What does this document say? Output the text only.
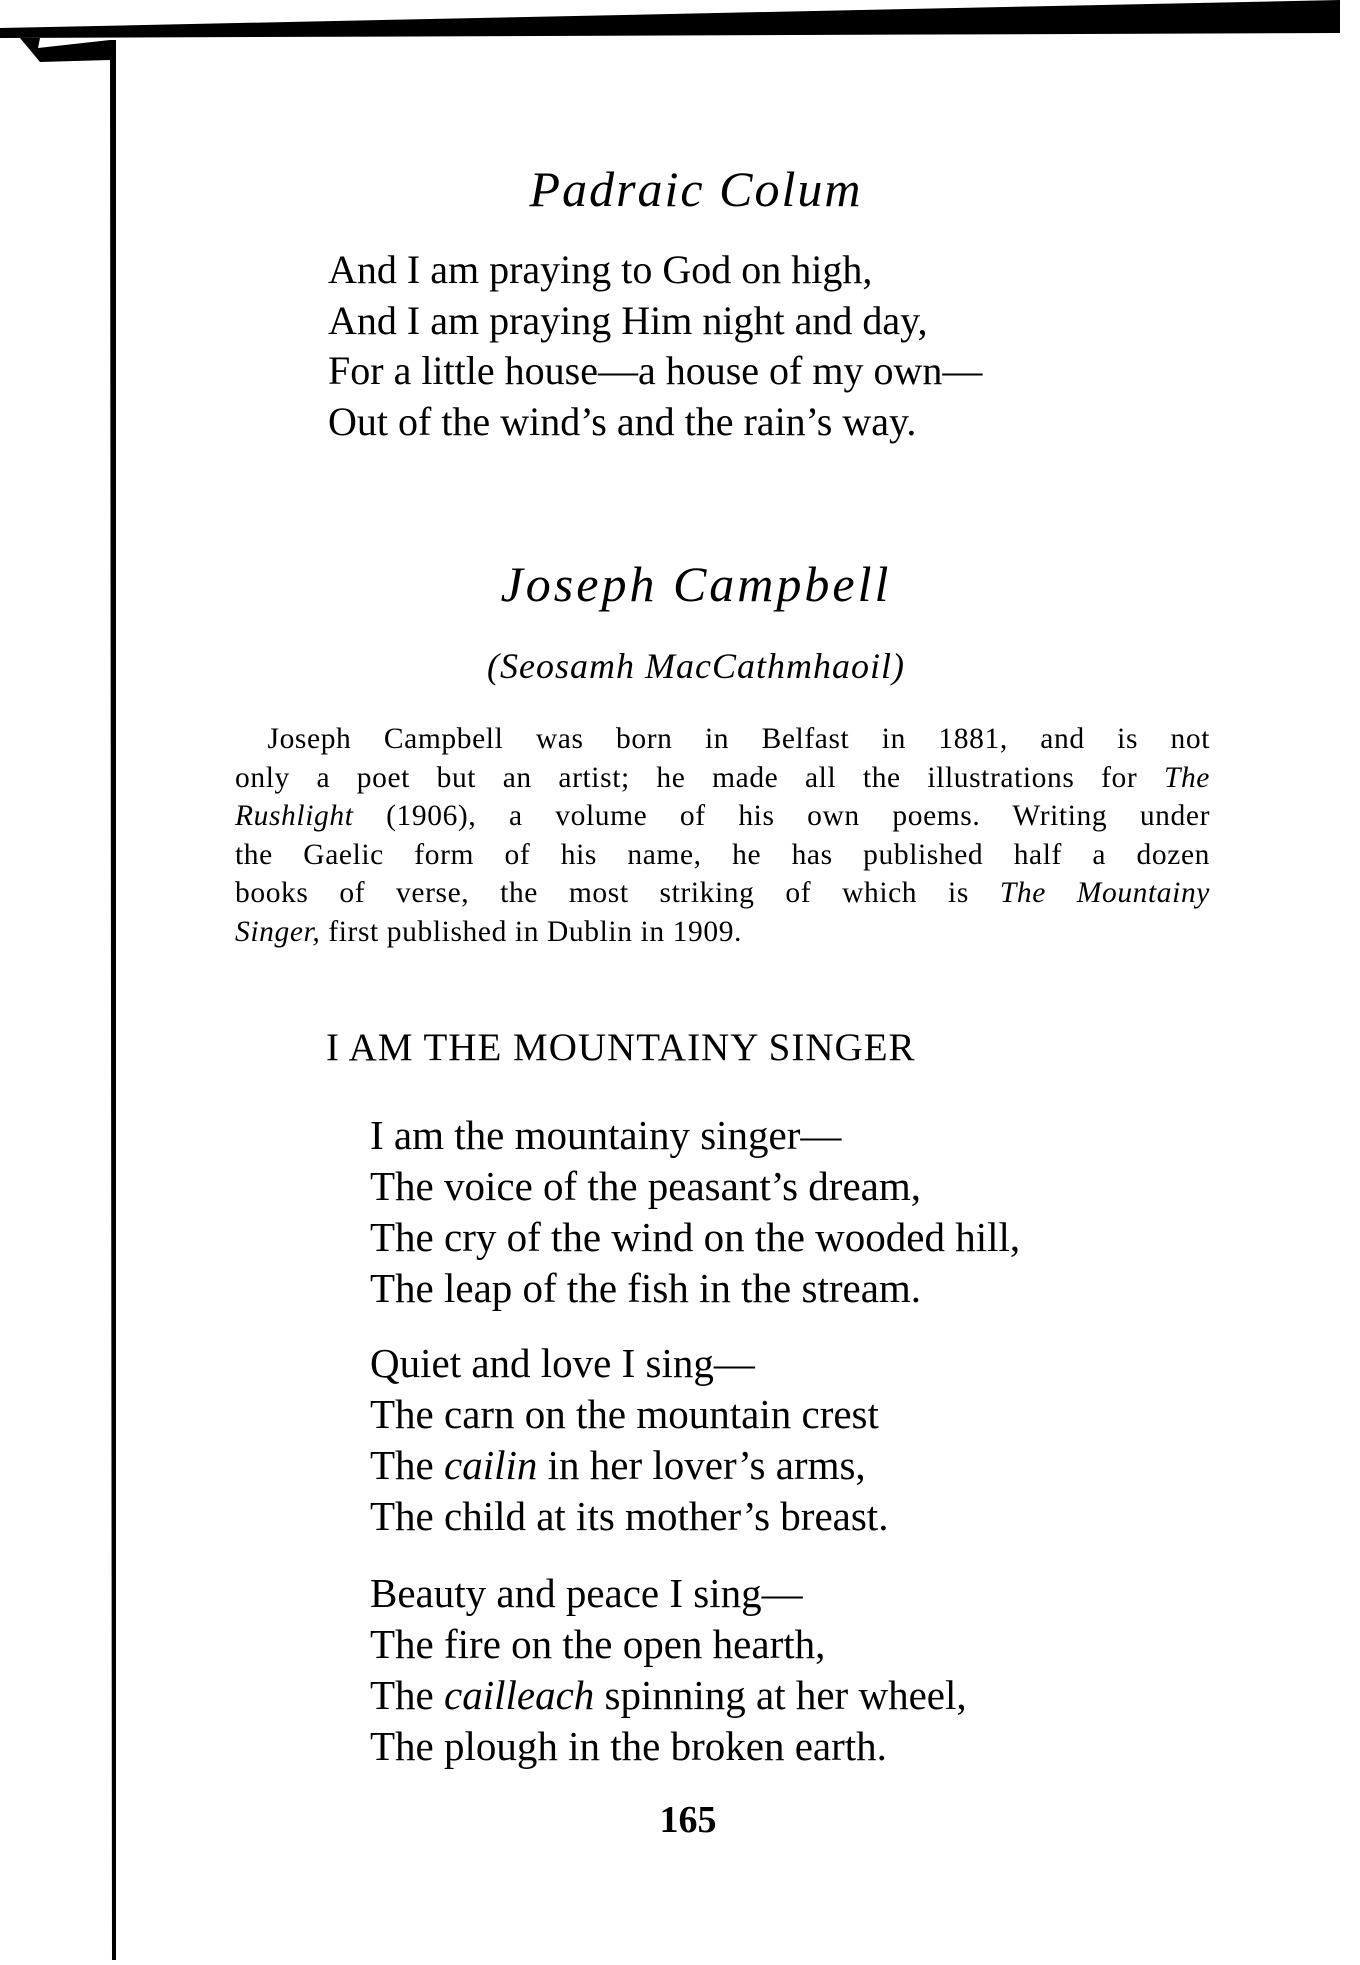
Padraic Colum
And I am praying to God on high,
And I am praying Him night and day,
For a little house—a house of my own—
Out of the wind’s and the rain’s way.
Joseph Campbell
(Seosamh MacCathmhaoil)
Joseph Campbell was born in Belfast in 1881, and is not
only a poet but an artist; he made all the illustrations for The
Rushlight (1906), a volume of his own poems. Writing under
the Gaelic form of his name, he has published half a dozen
books of verse, the most striking of which is The Mountainy
Singer, first published in Dublin in 1909.
I AM THE MOUNTAINY SINGER
I am the mountainy singer—
The voice of the peasant’s dream,
The cry of the wind on the wooded hill,
The leap of the fish in the stream.
Quiet and love I sing—
The carn on the mountain crest
The cailin in her lover’s arms,
The child at its mother’s breast.
Beauty and peace I sing—
The fire on the open hearth,
The cailleach spinning at her wheel,
The plough in the broken earth.
165
